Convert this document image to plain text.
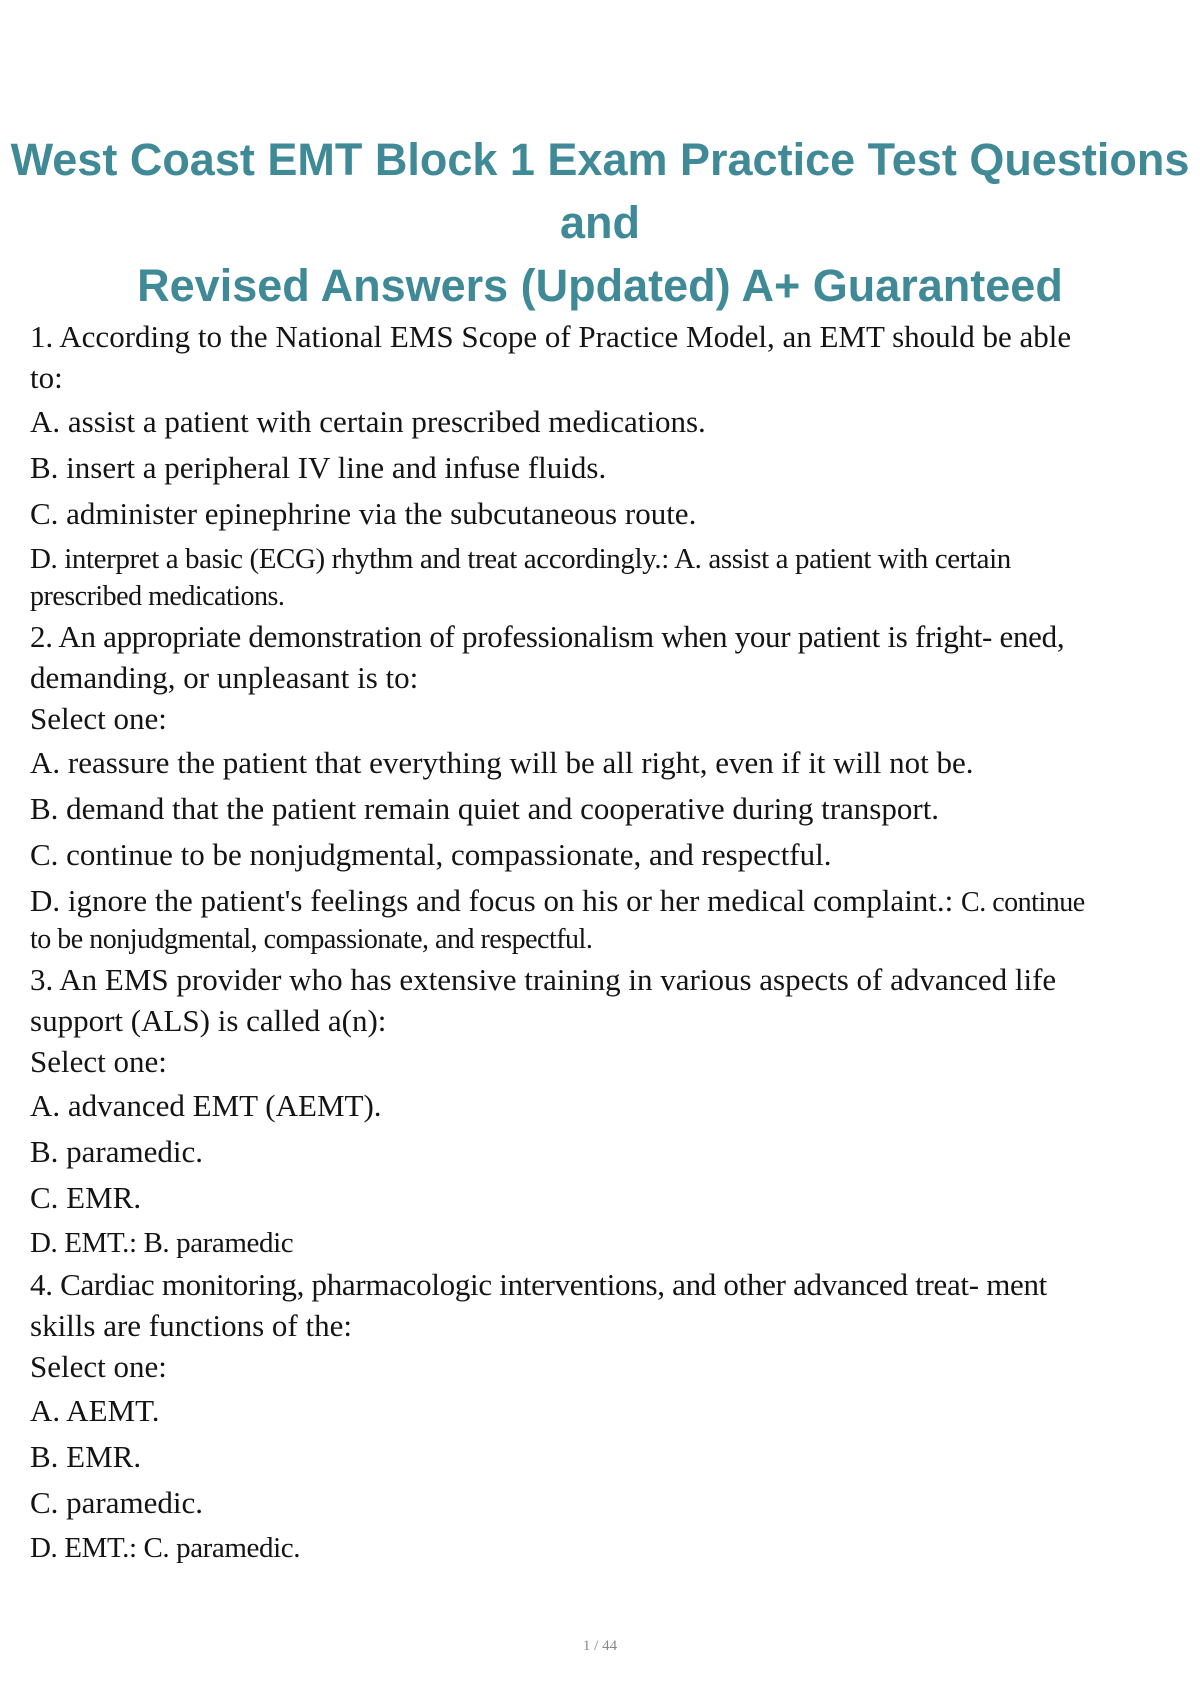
West Coast EMT Block 1 Exam Practice Test Questions and
Revised Answers (Updated) A+ Guaranteed

1. According to the National EMS Scope of Practice Model, an EMT should be able

to:

A. assist a patient with certain prescribed medications.

B. insert a peripheral IV line and infuse fluids.

C. administer epinephrine via the subcutaneous route.

D. interpret a basic (ECG) rhythm and treat accordingly.: A. assist a patient with certain

prescribed medications.

2. An appropriate demonstration of professionalism when your patient is fright- ened,

demanding, or unpleasant is to:

Select one:

A. reassure the patient that everything will be all right, even if it will not be.

B. demand that the patient remain quiet and cooperative during transport.

C. continue to be nonjudgmental, compassionate, and respectful.

D. ignore the patient's feelings and focus on his or her medical complaint.: C. continue

to be nonjudgmental, compassionate, and respectful.

3. An EMS provider who has extensive training in various aspects of advanced life

support (ALS) is called a(n):

Select one:

A. advanced EMT (AEMT).

B. paramedic.

C. EMR.

D. EMT.: B. paramedic

4. Cardiac monitoring, pharmacologic interventions, and other advanced treat- ment

skills are functions of the:

Select one:

A. AEMT.

B. EMR.

C. paramedic.

D. EMT.: C. paramedic.

1 / 44
